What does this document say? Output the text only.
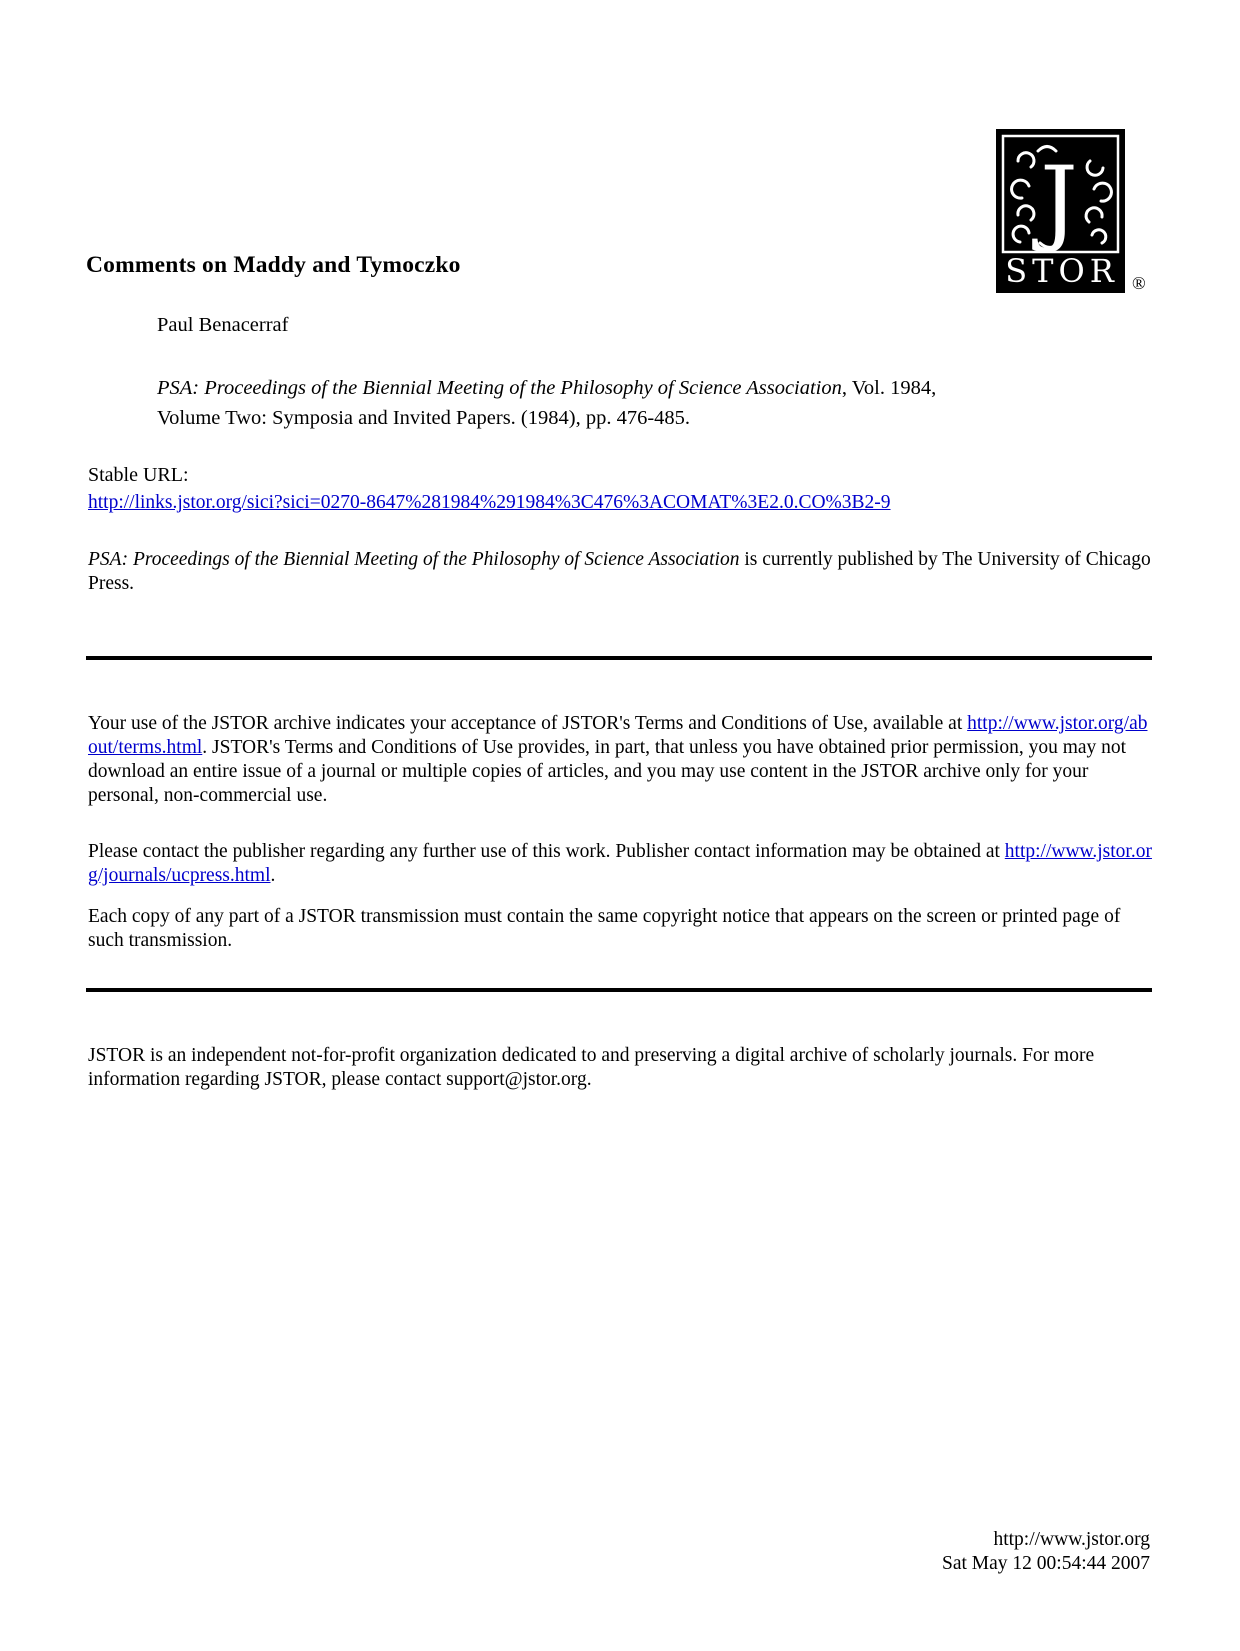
J
STOR ®
Comments on Maddy and Tymoczko
Paul Benacerraf
PSA: Proceedings of the Biennial Meeting of the Philosophy of Science Association, Vol. 1984,
Volume Two: Symposia and Invited Papers. (1984), pp. 476-485.
Stable URL:
http://links.jstor.org/sici?sici=0270-8647%281984%291984%3C476%3ACOMAT%3E2.0.CO%3B2-9

PSA: Proceedings of the Biennial Meeting of the Philosophy of Science Association is currently published by The University of Chicago Press.

Your use of the JSTOR archive indicates your acceptance of JSTOR's Terms and Conditions of Use, available at http://www.jstor.org/about/terms.html. JSTOR's Terms and Conditions of Use provides, in part, that unless you have obtained prior permission, you may not download an entire issue of a journal or multiple copies of articles, and you may use content in the JSTOR archive only for your personal, non-commercial use.

Please contact the publisher regarding any further use of this work. Publisher contact information may be obtained at http://www.jstor.org/journals/ucpress.html.

Each copy of any part of a JSTOR transmission must contain the same copyright notice that appears on the screen or printed page of such transmission.

JSTOR is an independent not-for-profit organization dedicated to and preserving a digital archive of scholarly journals. For more information regarding JSTOR, please contact support@jstor.org.

http://www.jstor.org
Sat May 12 00:54:44 2007
